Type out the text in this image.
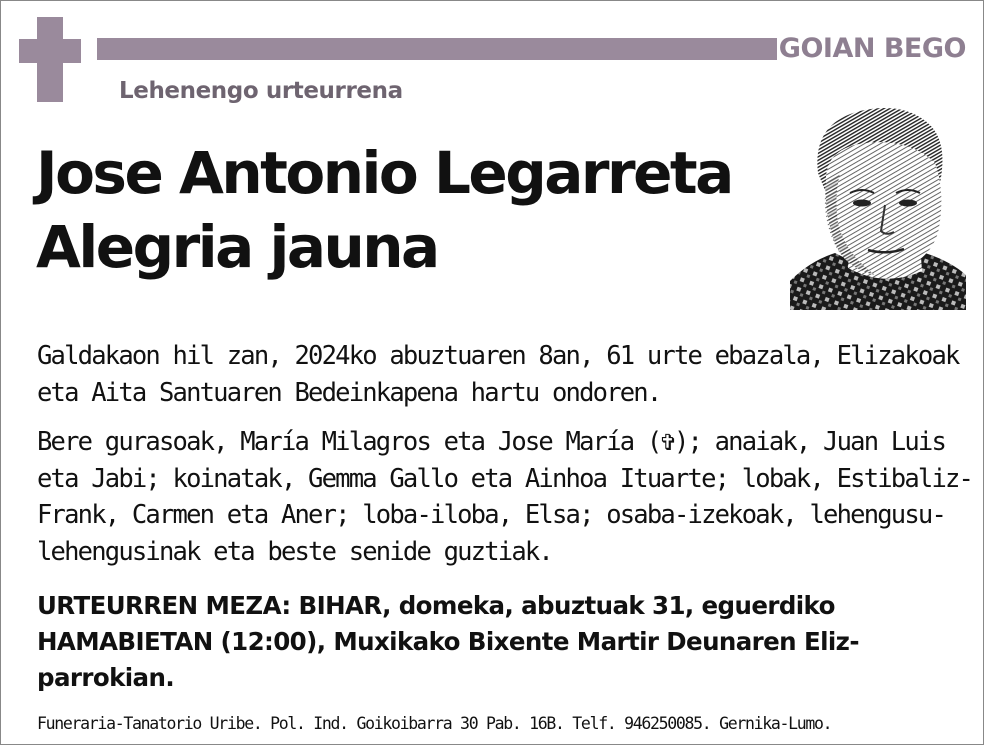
GOIAN BEGO
Lehenengo urteurrena
Jose Antonio Legarreta
Alegria jauna
Galdakaon hil zan, 2024ko abuztuaren 8an, 61 urte ebazala, Elizakoak
eta Aita Santuaren Bedeinkapena hartu ondoren.
Bere gurasoak, María Milagros eta Jose María (✞); anaiak, Juan Luis
eta Jabi; koinatak, Gemma Gallo eta Ainhoa Ituarte; lobak, Estibaliz-
Frank, Carmen eta Aner; loba-iloba, Elsa; osaba-izekoak, lehengusu-
lehengusinak eta beste senide guztiak.
URTEURREN MEZA: BIHAR, domeka, abuztuak 31, eguerdiko
HAMABIETAN (12:00), Muxikako Bixente Martir Deunaren Eliz-
parrokian.
Funeraria-Tanatorio Uribe. Pol. Ind. Goikoibarra 30 Pab. 16B. Telf. 946250085. Gernika-Lumo.
